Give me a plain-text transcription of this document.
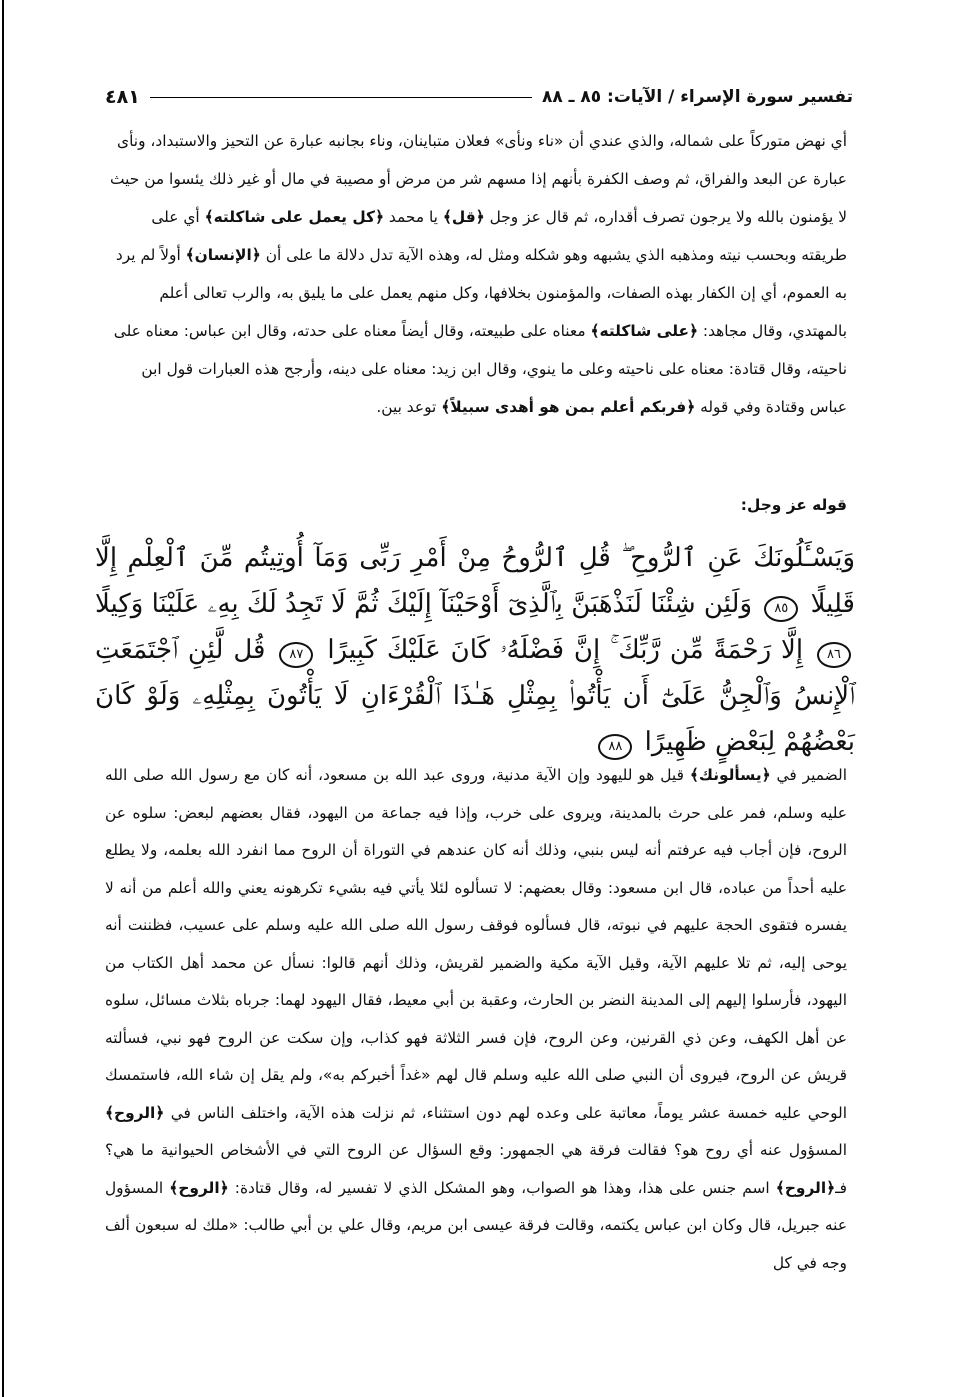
تفسير سورة الإسراء / الآيات: ٨٥ ـ ٨٨
٤٨١

أي نهض متوركاً على شماله، والذي عندي أن «ناء ونأى» فعلان متباينان، وناء بجانبه عبارة عن التحيز والاستبداد، ونأى عبارة عن البعد والفراق، ثم وصف الكفرة بأنهم إذا مسهم شر من مرض أو مصيبة في مال أو غير ذلك يئسوا من حيث لا يؤمنون بالله ولا يرجون تصرف أقداره، ثم قال عز وجل ﴿قل﴾ يا محمد ﴿كل يعمل على شاكلته﴾ أي على طريقته وبحسب نيته ومذهبه الذي يشبهه وهو شكله ومثل له، وهذه الآية تدل دلالة ما على أن ﴿الإنسان﴾ أولاً لم يرد به العموم، أي إن الكفار بهذه الصفات، والمؤمنون بخلافها، وكل منهم يعمل على ما يليق به، والرب تعالى أعلم بالمهتدي، وقال مجاهد: ﴿على شاكلته﴾ معناه على طبيعته، وقال أيضاً معناه على حدته، وقال ابن عباس: معناه على ناحيته، وقال قتادة: معناه على ناحيته وعلى ما ينوي، وقال ابن زيد: معناه على دينه، وأرجح هذه العبارات قول ابن عباس وقتادة وفي قوله ﴿فربكم أعلم بمن هو أهدى سبيلاً﴾ توعد بين.

قوله عز وجل:
وَيَسْـَٔلُونَكَ عَنِ ٱلرُّوحِ ۖ قُلِ ٱلرُّوحُ مِنْ أَمْرِ رَبِّى وَمَآ أُوتِيتُم مِّنَ ٱلْعِلْمِ إِلَّا قَلِيلًا ٨٥ وَلَئِن شِئْنَا لَنَذْهَبَنَّ بِٱلَّذِىٓ أَوْحَيْنَآ إِلَيْكَ ثُمَّ لَا تَجِدُ لَكَ بِهِۦ عَلَيْنَا وَكِيلًا ٨٦ إِلَّا رَحْمَةً مِّن رَّبِّكَ ۚ إِنَّ فَضْلَهُۥ كَانَ عَلَيْكَ كَبِيرًا ٨٧ قُل لَّئِنِ ٱجْتَمَعَتِ ٱلْإِنسُ وَٱلْجِنُّ عَلَىٰٓ أَن يَأْتُوا۟ بِمِثْلِ هَـٰذَا ٱلْقُرْءَانِ لَا يَأْتُونَ بِمِثْلِهِۦ وَلَوْ كَانَ بَعْضُهُمْ لِبَعْضٍ ظَهِيرًا ٨٨

الضمير في ﴿يسألونك﴾ قيل هو لليهود وإن الآية مدنية، وروى عبد الله بن مسعود، أنه كان مع رسول الله صلى الله عليه وسلم، فمر على حرث بالمدينة، ويروى على خرب، وإذا فيه جماعة من اليهود، فقال بعضهم لبعض: سلوه عن الروح، فإن أجاب فيه عرفتم أنه ليس بنبي، وذلك أنه كان عندهم في التوراة أن الروح مما انفرد الله بعلمه، ولا يطلع عليه أحداً من عباده، قال ابن مسعود: وقال بعضهم: لا تسألوه لئلا يأتي فيه بشيء تكرهونه يعني والله أعلم من أنه لا يفسره فتقوى الحجة عليهم في نبوته، قال فسألوه فوقف رسول الله صلى الله عليه وسلم على عسيب، فظننت أنه يوحى إليه، ثم تلا عليهم الآية، وقيل الآية مكية والضمير لقريش، وذلك أنهم قالوا: نسأل عن محمد أهل الكتاب من اليهود، فأرسلوا إليهم إلى المدينة النضر بن الحارث، وعقبة بن أبي معيط، فقال اليهود لهما: جرباه بثلاث مسائل، سلوه عن أهل الكهف، وعن ذي القرنين، وعن الروح، فإن فسر الثلاثة فهو كذاب، وإن سكت عن الروح فهو نبي، فسألته قريش عن الروح، فيروى أن النبي صلى الله عليه وسلم قال لهم «غداً أخبركم به»، ولم يقل إن شاء الله، فاستمسك الوحي عليه خمسة عشر يوماً، معاتبة على وعده لهم دون استثناء، ثم نزلت هذه الآية، واختلف الناس في ﴿الروح﴾ المسؤول عنه أي روح هو؟ فقالت فرقة هي الجمهور: وقع السؤال عن الروح التي في الأشخاص الحيوانية ما هي؟ فـ﴿الروح﴾ اسم جنس على هذا، وهذا هو الصواب، وهو المشكل الذي لا تفسير له، وقال قتادة: ﴿الروح﴾ المسؤول عنه جبريل، قال وكان ابن عباس يكتمه، وقالت فرقة عيسى ابن مريم، وقال علي بن أبي طالب: «ملك له سبعون ألف وجه في كل
